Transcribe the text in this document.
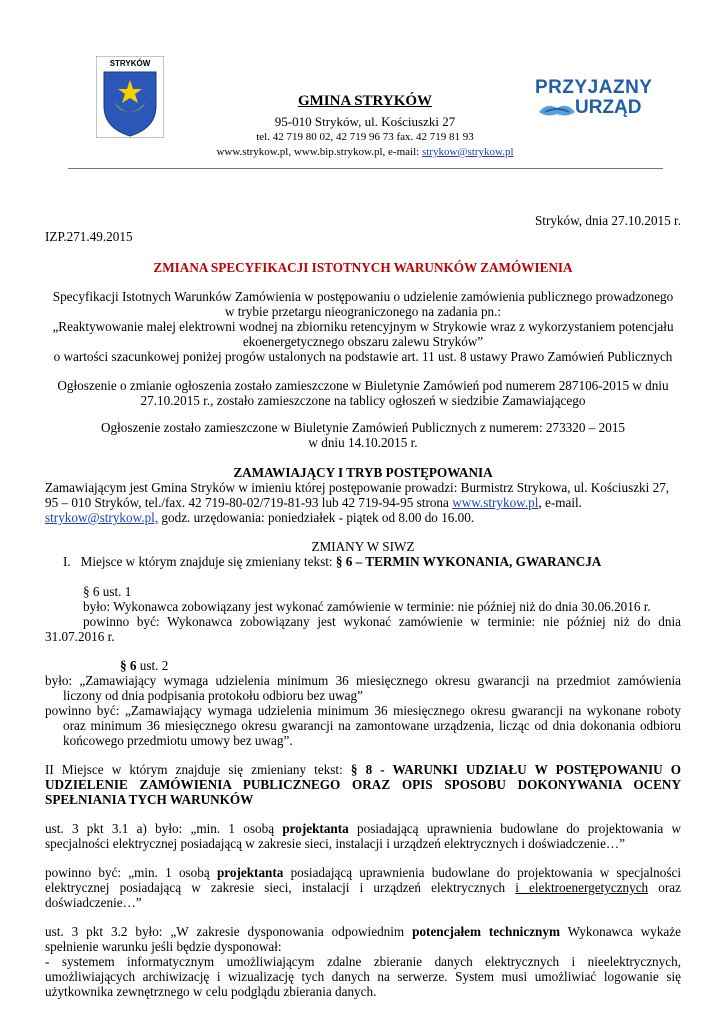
STRYKÓW
PRZYJAZNY
URZĄD
GMINA STRYKÓW
95-010 Stryków, ul. Kościuszki 27
tel. 42 719 80 02, 42 719 96 73 fax. 42 719 81 93
www.strykow.pl, www.bip.strykow.pl, e-mail: strykow@strykow.pl
Stryków, dnia 27.10.2015 r.
IZP.271.49.2015
ZMIANA SPECYFIKACJI ISTOTNYCH WARUNKÓW ZAMÓWIENIA
Specyfikacji Istotnych Warunków Zamówienia w postępowaniu o udzielenie zamówienia publicznego prowadzonego
w trybie przetargu nieograniczonego na zadania pn.:
„Reaktywowanie małej elektrowni wodnej na zbiorniku retencyjnym w Strykowie wraz z wykorzystaniem potencjału
ekoenergetycznego obszaru zalewu Stryków”
o wartości szacunkowej poniżej progów ustalonych na podstawie art. 11 ust. 8 ustawy Prawo Zamówień Publicznych
Ogłoszenie o zmianie ogłoszenia zostało zamieszczone w Biuletynie Zamówień pod numerem 287106-2015 w dniu
27.10.2015 r., zostało zamieszczone na tablicy ogłoszeń w siedzibie Zamawiającego
Ogłoszenie zostało zamieszczone w Biuletynie Zamówień Publicznych z numerem: 273320 – 2015
w dniu 14.10.2015 r.
ZAMAWIAJĄCY I TRYB POSTĘPOWANIA
Zamawiającym jest Gmina Stryków w imieniu której postępowanie prowadzi: Burmistrz Strykowa, ul. Kościuszki 27,
95 – 010 Stryków, tel./fax. 42 719-80-02/719-81-93 lub 42 719-94-95 strona www.strykow.pl, e-mail.
strykow@strykow.pl, godz. urzędowania: poniedziałek - piątek od 8.00 do 16.00.
ZMIANY W SIWZ
I. Miejsce w którym znajduje się zmieniany tekst: § 6 – TERMIN WYKONANIA, GWARANCJA
§ 6 ust. 1
było: Wykonawca zobowiązany jest wykonać zamówienie w terminie: nie później niż do dnia 30.06.2016 r.
powinno być: Wykonawca zobowiązany jest wykonać zamówienie w terminie: nie później niż do dnia
31.07.2016 r.
§ 6 ust. 2
było: „Zamawiający wymaga udzielenia minimum 36 miesięcznego okresu gwarancji na przedmiot zamówienia
liczony od dnia podpisania protokołu odbioru bez uwag”
powinno być: „Zamawiający wymaga udzielenia minimum 36 miesięcznego okresu gwarancji na wykonane roboty
oraz minimum 36 miesięcznego okresu gwarancji na zamontowane urządzenia, licząc od dnia dokonania odbioru
końcowego przedmiotu umowy bez uwag”.
II Miejsce w którym znajduje się zmieniany tekst: § 8 - WARUNKI UDZIAŁU W POSTĘPOWANIU O
UDZIELENIE ZAMÓWIENIA PUBLICZNEGO ORAZ OPIS SPOSOBU DOKONYWANIA OCENY
SPEŁNIANIA TYCH WARUNKÓW
ust. 3 pkt 3.1 a) było: „min. 1 osobą projektanta posiadającą uprawnienia budowlane do projektowania w
specjalności elektrycznej posiadającą w zakresie sieci, instalacji i urządzeń elektrycznych i doświadczenie…”
powinno być: „min. 1 osobą projektanta posiadającą uprawnienia budowlane do projektowania w specjalności
elektrycznej posiadającą w zakresie sieci, instalacji i urządzeń elektrycznych i elektroenergetycznych oraz
doświadczenie…”
ust. 3 pkt 3.2 było: „W zakresie dysponowania odpowiednim potencjałem technicznym Wykonawca wykaże
spełnienie warunku jeśli będzie dysponował:
- systemem informatycznym umożliwiającym zdalne zbieranie danych elektrycznych i nieelektrycznych,
umożliwiających archiwizację i wizualizację tych danych na serwerze. System musi umożliwiać logowanie się
użytkownika zewnętrznego w celu podglądu zbierania danych.
